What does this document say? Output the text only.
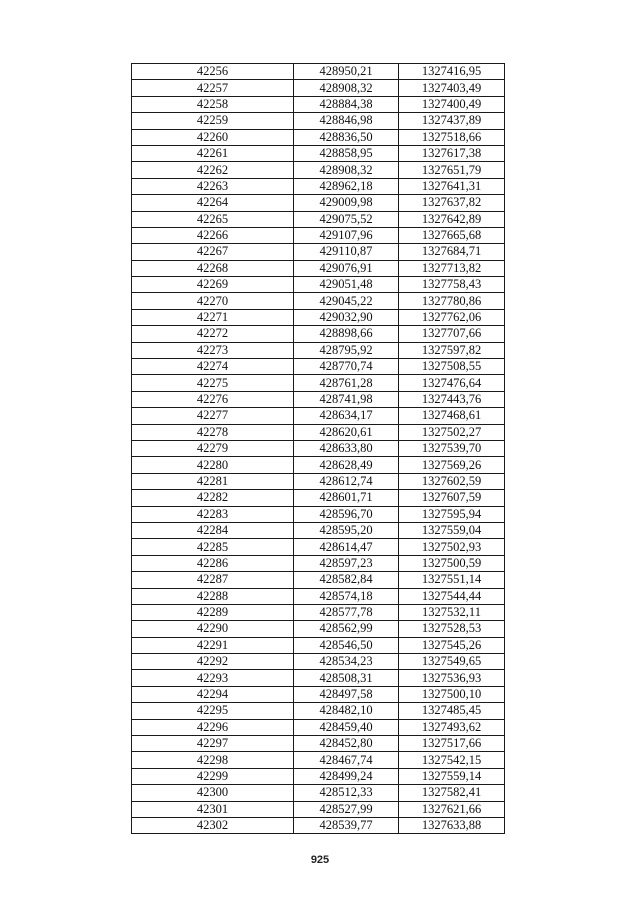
42256	428950,21	1327416,95
42257	428908,32	1327403,49
42258	428884,38	1327400,49
42259	428846,98	1327437,89
42260	428836,50	1327518,66
42261	428858,95	1327617,38
42262	428908,32	1327651,79
42263	428962,18	1327641,31
42264	429009,98	1327637,82
42265	429075,52	1327642,89
42266	429107,96	1327665,68
42267	429110,87	1327684,71
42268	429076,91	1327713,82
42269	429051,48	1327758,43
42270	429045,22	1327780,86
42271	429032,90	1327762,06
42272	428898,66	1327707,66
42273	428795,92	1327597,82
42274	428770,74	1327508,55
42275	428761,28	1327476,64
42276	428741,98	1327443,76
42277	428634,17	1327468,61
42278	428620,61	1327502,27
42279	428633,80	1327539,70
42280	428628,49	1327569,26
42281	428612,74	1327602,59
42282	428601,71	1327607,59
42283	428596,70	1327595,94
42284	428595,20	1327559,04
42285	428614,47	1327502,93
42286	428597,23	1327500,59
42287	428582,84	1327551,14
42288	428574,18	1327544,44
42289	428577,78	1327532,11
42290	428562,99	1327528,53
42291	428546,50	1327545,26
42292	428534,23	1327549,65
42293	428508,31	1327536,93
42294	428497,58	1327500,10
42295	428482,10	1327485,45
42296	428459,40	1327493,62
42297	428452,80	1327517,66
42298	428467,74	1327542,15
42299	428499,24	1327559,14
42300	428512,33	1327582,41
42301	428527,99	1327621,66
42302	428539,77	1327633,88
925
